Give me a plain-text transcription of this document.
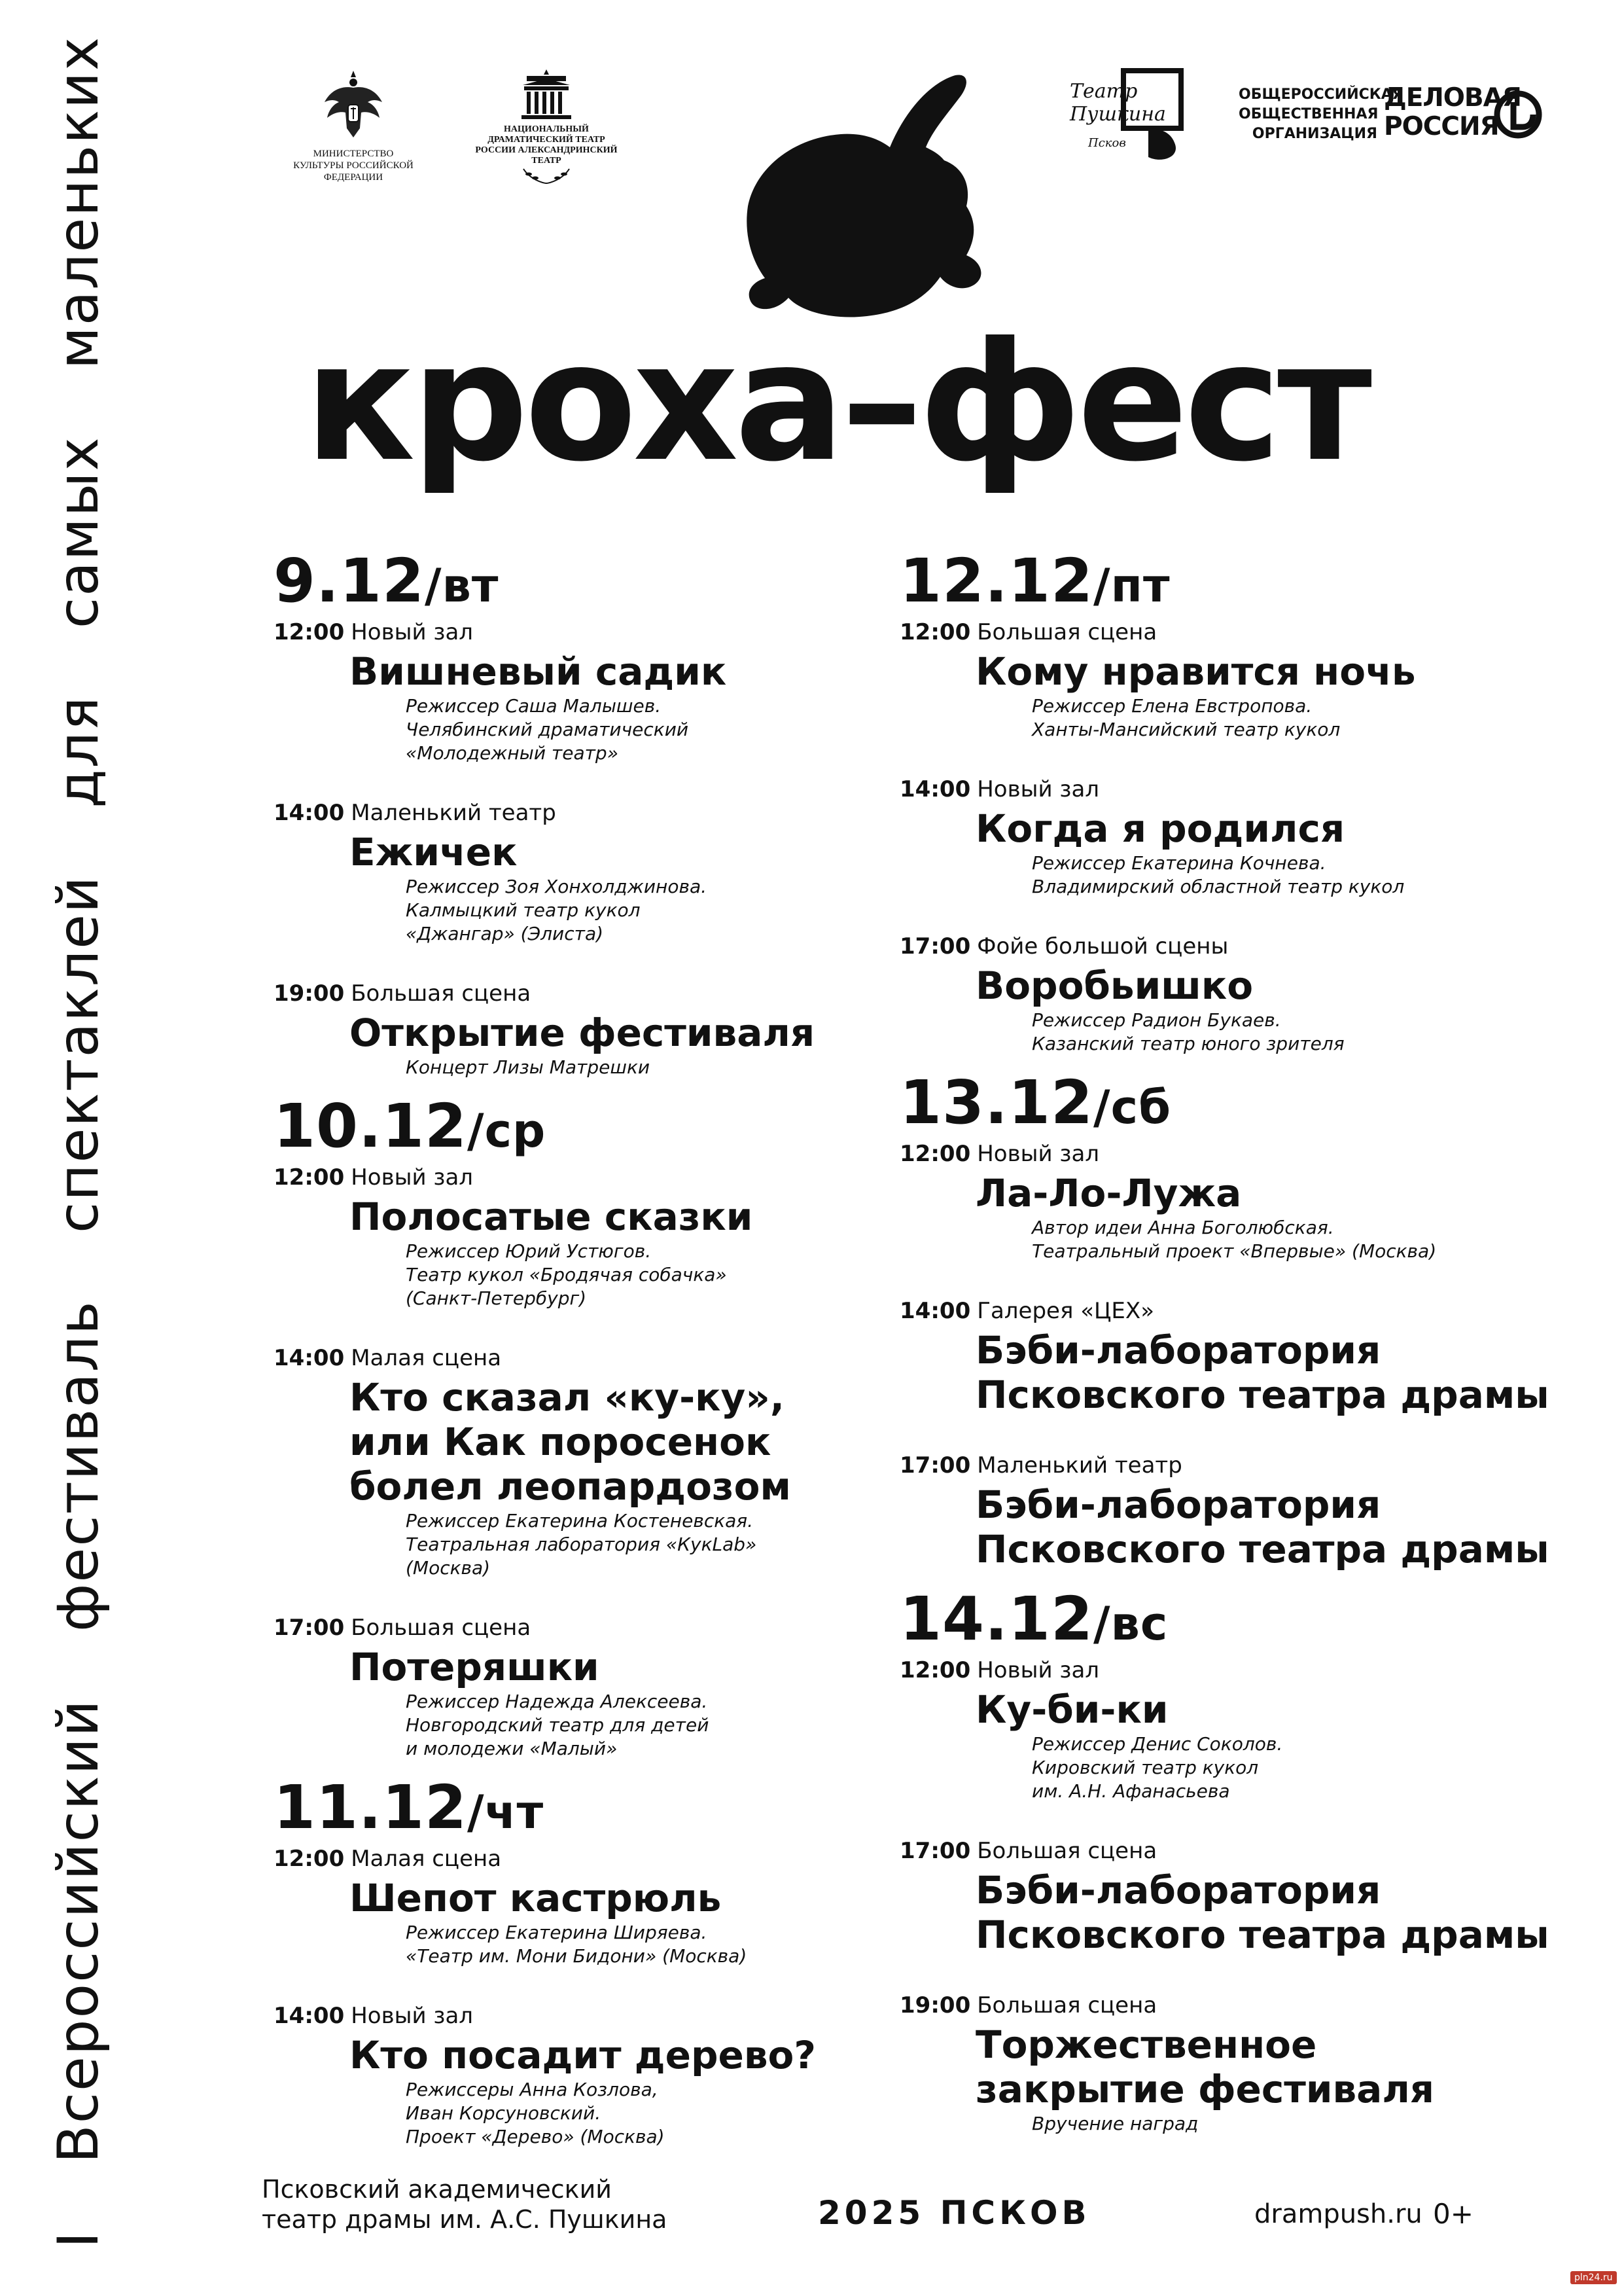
I
Всероссийский
фестиваль
спектаклей
для
самых
маленьких	МИНИСТЕРСТВО КУЛЬТУРЫ РОССИЙСКОЙ ФЕДЕРАЦИИ
НАЦИОНАЛЬНЫЙ ДРАМАТИЧЕСКИЙ ТЕАТР РОССИИ АЛЕКСАНДРИНСКИЙ ТЕАТР
Театр Пушкина
Псков
ОБЩЕРОССИЙСКАЯ ОБЩЕСТВЕННАЯ ОРГАНИЗАЦИЯ
ДЕЛОВАЯ РОССИЯ
кроха–фест
9.12/вт
12:00 Новый зал
Вишневый садик
Режиссер Саша Малышев.
Челябинский драматический
«Молодежный театр»
14:00 Маленький театр
Ежичек
Режиссер Зоя Хонхолджинова.
Калмыцкий театр кукол
«Джангар» (Элиста)
19:00 Большая сцена
Открытие фестиваля
Концерт Лизы Матрешки
10.12/ср
12:00 Новый зал
Полосатые сказки
Режиссер Юрий Устюгов.
Театр кукол «Бродячая собачка»
(Санкт-Петербург)
14:00 Малая сцена
Кто сказал «ку-ку»,
или Как поросенок
болел леопардозом
Режиссер Екатерина Костеневская.
Театральная лаборатория «КукLab»
(Москва)
17:00 Большая сцена
Потеряшки
Режиссер Надежда Алексеева.
Новгородский театр для детей
и молодежи «Малый»
11.12/чт
12:00 Малая сцена
Шепот кастрюль
Режиссер Екатерина Ширяева.
«Театр им. Мони Бидони» (Москва)
14:00 Новый зал
Кто посадит дерево?
Режиссеры Анна Козлова,
Иван Корсуновский.
Проект «Дерево» (Москва)
12.12/пт
12:00 Большая сцена
Кому нравится ночь
Режиссер Елена Евстропова.
Ханты-Мансийский театр кукол
14:00 Новый зал
Когда я родился
Режиссер Екатерина Кочнева.
Владимирский областной театр кукол
17:00 Фойе большой сцены
Воробьишко
Режиссер Радион Букаев.
Казанский театр юного зрителя
13.12/сб
12:00 Новый зал
Ла-Ло-Лужа
Автор идеи Анна Боголюбская.
Театральный проект «Впервые» (Москва)
14:00 Галерея «ЦЕХ»
Бэби-лаборатория
Псковского театра драмы
17:00 Маленький театр
Бэби-лаборатория
Псковского театра драмы
14.12/вс
12:00 Новый зал
Ку-би-ки
Режиссер Денис Соколов.
Кировский театр кукол
им. А.Н. Афанасьева
17:00 Большая сцена
Бэби-лаборатория
Псковского театра драмы
19:00 Большая сцена
Торжественное
закрытие фестиваля
Вручение наград
Псковский академический
театр драмы им. А.С. Пушкина	2025 ПСКОВ	drampush.ru 0+
pln24.ru
